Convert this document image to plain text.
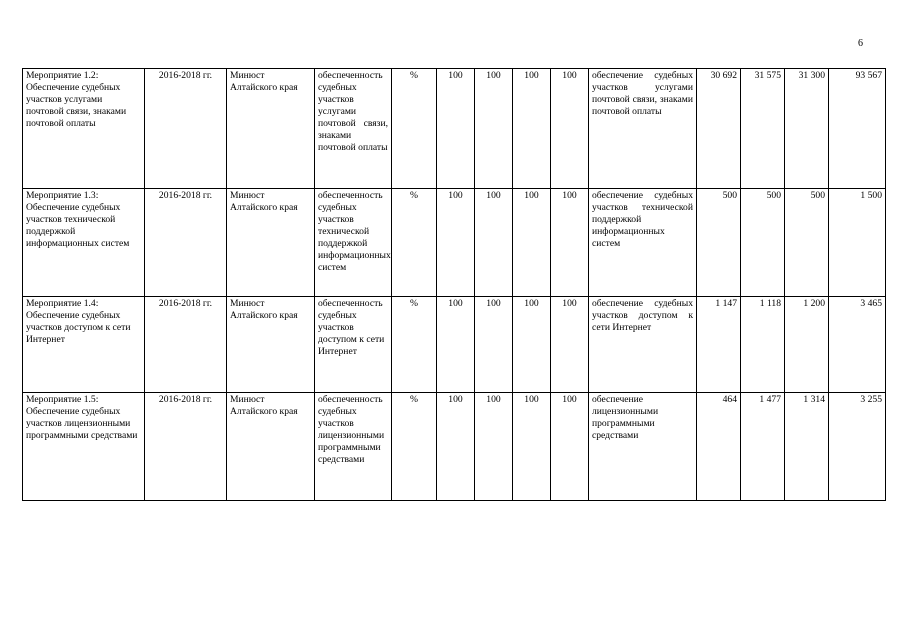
6
Мероприятие 1.2: Обеспечение судебных участков услугами почтовой связи, знаками почтовой оплаты	2016-2018 гг.	Минюст Алтайского края	обеспеченность судебных участков услугами почтовой связи, знаками почтовой оплаты	%	100	100	100	100	обеспечение судебных участков услугами почтовой связи, знаками почтовой оплаты	30 692	31 575	31 300	93 567
Мероприятие 1.3: Обеспечение судебных участков технической поддержкой информационных систем	2016-2018 гг.	Минюст Алтайского края	обеспеченность судебных участков технической поддержкой информационных систем	%	100	100	100	100	обеспечение судебных участков технической поддержкой информационных систем	500	500	500	1 500
Мероприятие 1.4: Обеспечение судебных участков доступом к сети Интернет	2016-2018 гг.	Минюст Алтайского края	обеспеченность судебных участков доступом к сети Интернет	%	100	100	100	100	обеспечение судебных участков доступом к сети Интернет	1 147	1 118	1 200	3 465
Мероприятие 1.5: Обеспечение судебных участков лицензионными программными средствами	2016-2018 гг.	Минюст Алтайского края	обеспеченность судебных участков лицензионными программными средствами	%	100	100	100	100	обеспечение лицензионными программными средствами	464	1 477	1 314	3 255
